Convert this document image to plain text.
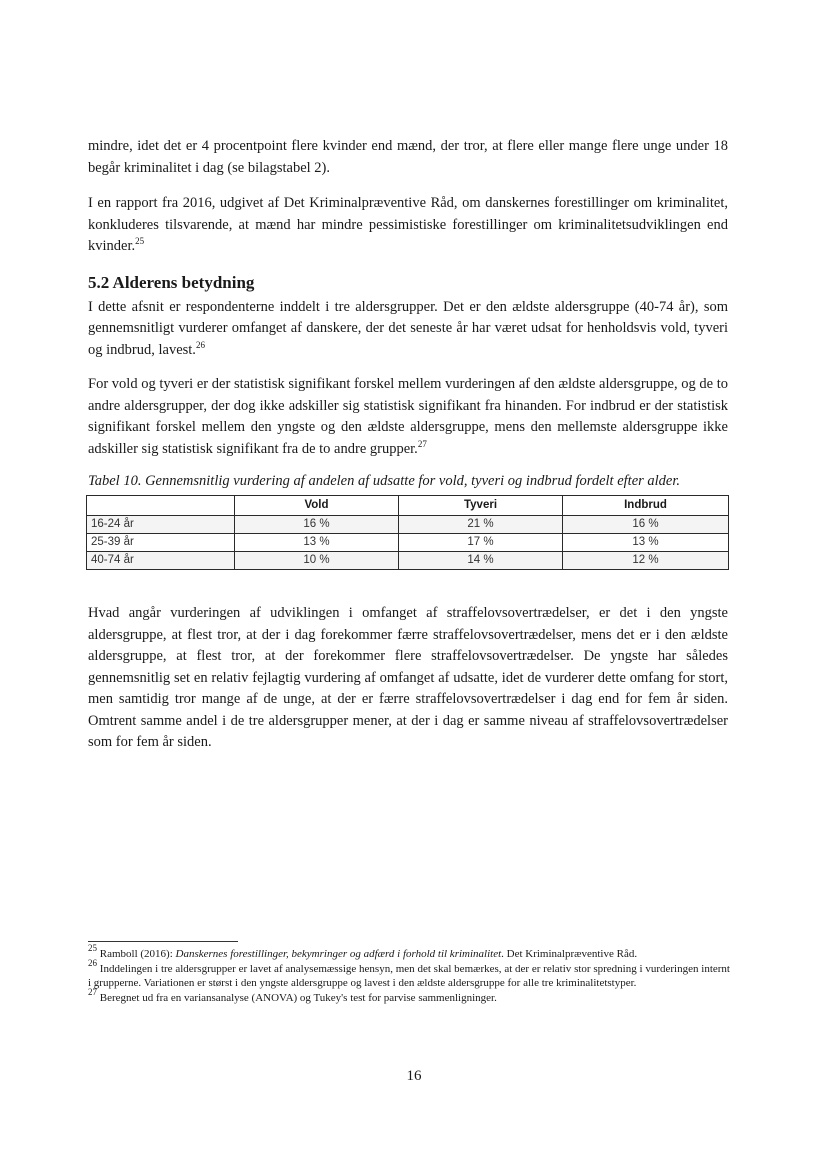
mindre, idet det er 4 procentpoint flere kvinder end mænd, der tror, at flere eller mange flere unge under 18 begår kriminalitet i dag (se bilagstabel 2).

I en rapport fra 2016, udgivet af Det Kriminalpræventive Råd, om danskernes forestillinger om kriminalitet, konkluderes tilsvarende, at mænd har mindre pessimistiske forestillinger om kriminalitetsudviklingen end kvinder.$^{25}$

5.2 Alderens betydning

I dette afsnit er respondenterne inddelt i tre aldersgrupper. Det er den ældste aldersgruppe (40-74 år), som gennemsnitligt vurderer omfanget af danskere, der det seneste år har været udsat for henholdsvis vold, tyveri og indbrud, lavest.$^{26}$

For vold og tyveri er der statistisk signifikant forskel mellem vurderingen af den ældste aldersgruppe, og de to andre aldersgrupper, der dog ikke adskiller sig statistisk signifikant fra hinanden. For indbrud er der statistisk signifikant forskel mellem den yngste og den ældste aldersgruppe, mens den mellemste aldersgruppe ikke adskiller sig statistisk signifikant fra de to andre grupper.$^{27}$

Tabel 10. Gennemsnitlig vurdering af andelen af udsatte for vold, tyveri og indbrud fordelt efter alder.

	Vold	Tyveri	Indbrud
16-24 år	16 %	21 %	16 %
25-39 år	13 %	17 %	13 %
40-74 år	10 %	14 %	12 %

Hvad angår vurderingen af udviklingen i omfanget af straffelovsovertrædelser, er det i den yngste aldersgruppe, at flest tror, at der i dag forekommer færre straffelovsovertrædelser, mens det er i den ældste aldersgruppe, at flest tror, at der forekommer flere straffelovsovertrædelser. De yngste har således gennemsnitlig set en relativ fejlagtig vurdering af omfanget af udsatte, idet de vurderer dette omfang for stort, men samtidig tror mange af de unge, at der er færre straffelovsovertrædelser i dag end for fem år siden. Omtrent samme andel i de tre aldersgrupper mener, at der i dag er samme niveau af straffelovsovertrædelser som for fem år siden.

$^{25}$ Ramboll (2016): Danskernes forestillinger, bekymringer og adfærd i forhold til kriminalitet. Det Kriminalpræventive Råd.

$^{26}$ Inddelingen i tre aldersgrupper er lavet af analysemæssige hensyn, men det skal bemærkes, at der er relativ stor spredning i vurderingen internt i grupperne. Variationen er størst i den yngste aldersgruppe og lavest i den ældste aldersgruppe for alle tre kriminalitetstyper.

$^{27}$ Beregnet ud fra en variansanalyse (ANOVA) og Tukey's test for parvise sammenligninger.

16
